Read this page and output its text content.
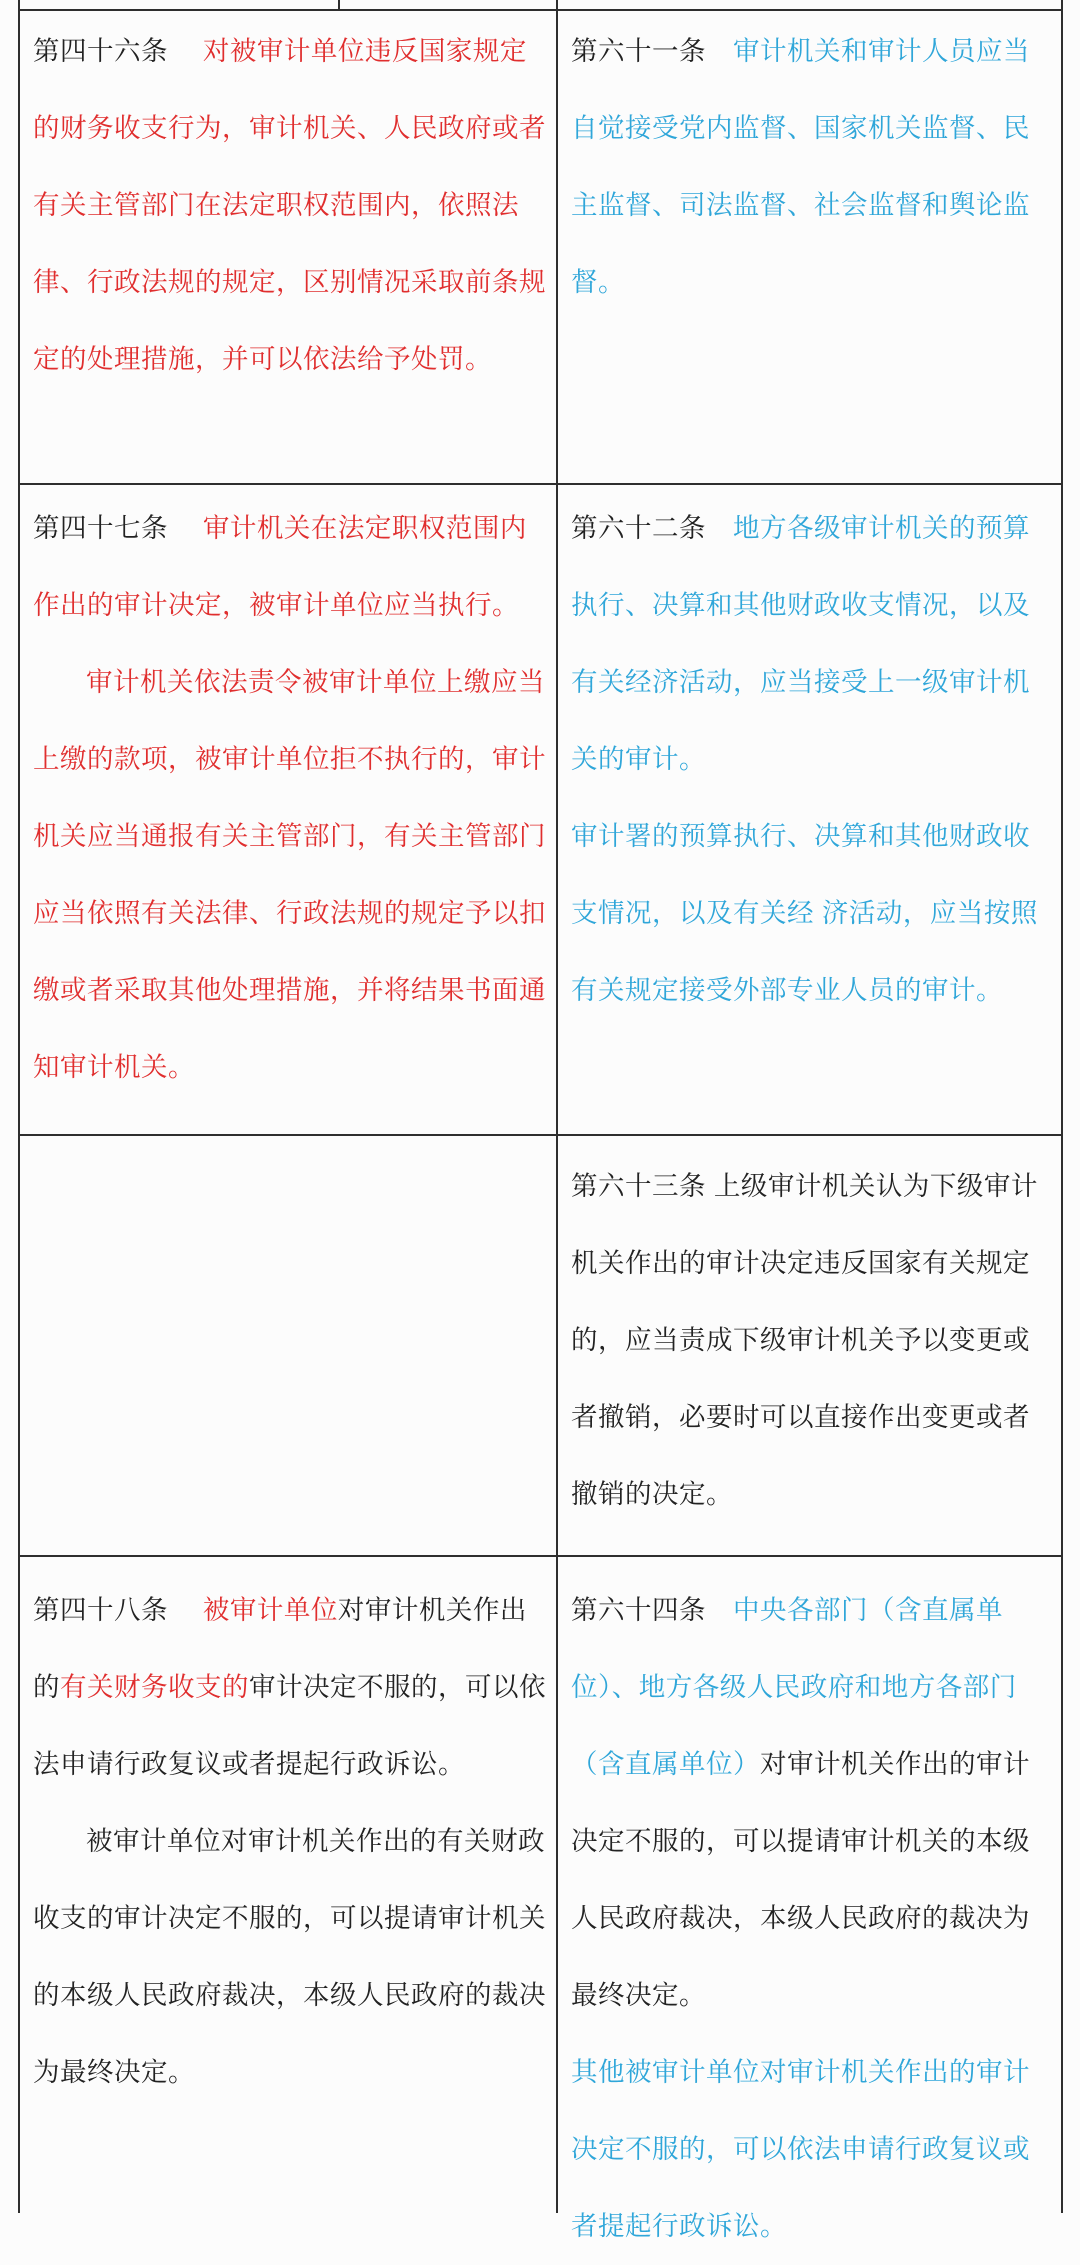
第四十六条　 对被审计单位违反国家规定的财务收支行为，审计机关、人民政府或者有关主管部门在法定职权范围内，依照法律、行政法规的规定，区别情况采取前条规定的处理措施，并可以依法给予处罚。

第六十一条　审计机关和审计人员应当自觉接受党内监督、国家机关监督、民主监督、司法监督、社会监督和舆论监督。

第四十七条　 审计机关在法定职权范围内作出的审计决定，被审计单位应当执行。

审计机关依法责令被审计单位上缴应当上缴的款项，被审计单位拒不执行的，审计机关应当通报有关主管部门，有关主管部门应当依照有关法律、行政法规的规定予以扣缴或者采取其他处理措施，并将结果书面通知审计机关。

第六十二条　地方各级审计机关的预算执行、决算和其他财政收支情况，以及有关经济活动，应当接受上一级审计机关的审计。

审计署的预算执行、决算和其他财政收支情况，以及有关经 济活动，应当按照有关规定接受外部专业人员的审计。

第六十三条 上级审计机关认为下级审计机关作出的审计决定违反国家有关规定的，应当责成下级审计机关予以变更或者撤销，必要时可以直接作出变更或者撤销的决定。

第四十八条　 被审计单位对审计机关作出的有关财务收支的审计决定不服的，可以依法申请行政复议或者提起行政诉讼。

被审计单位对审计机关作出的有关财政收支的审计决定不服的，可以提请审计机关的本级人民政府裁决，本级人民政府的裁决为最终决定。

第六十四条　中央各部门（含直属单位）、地方各级人民政府和地方各部门（含直属单位）对审计机关作出的审计决定不服的，可以提请审计机关的本级人民政府裁决，本级人民政府的裁决为最终决定。

其他被审计单位对审计机关作出的审计决定不服的，可以依法申请行政复议或者提起行政诉讼。
